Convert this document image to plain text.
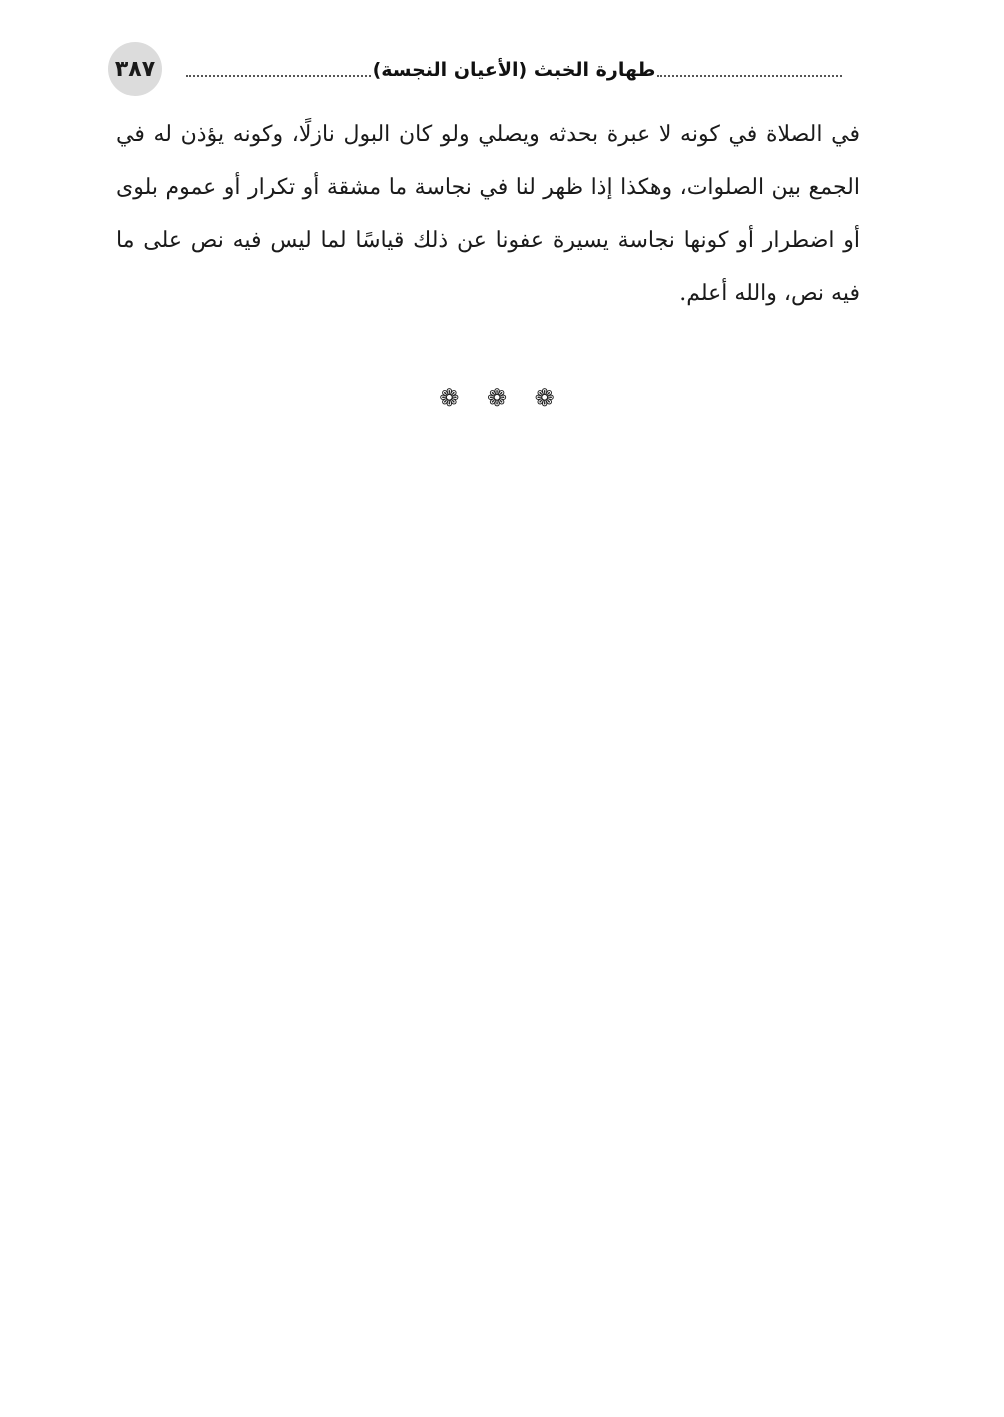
٣٨٧	طهارة الخبث (الأعيان النجسة)

في الصلاة في كونه لا عبرة بحدثه ويصلي ولو كان البول نازلًا، وكونه يؤذن له في الجمع بين الصلوات، وهكذا إذا ظهر لنا في نجاسة ما مشقة أو تكرار أو عموم بلوى أو اضطرار أو كونها نجاسة يسيرة عفونا عن ذلك قياسًا لما ليس فيه نص على ما فيه نص، والله أعلم.

❁ ❁ ❁
